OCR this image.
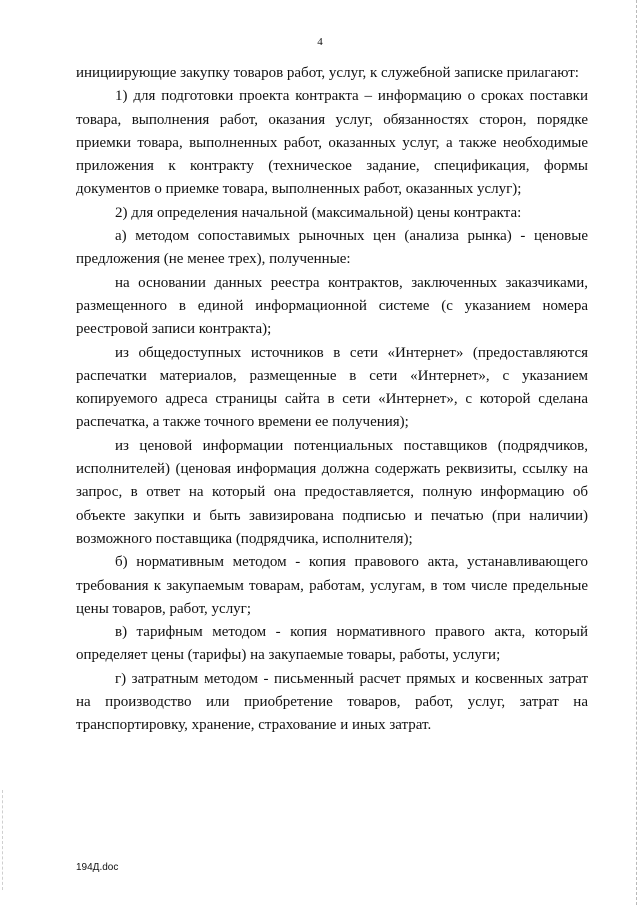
4

инициирующие закупку товаров работ, услуг, к служебной записке прилагают:

1) для подготовки проекта контракта – информацию о сроках поставки товара, выполнения работ, оказания услуг, обязанностях сторон, порядке приемки товара, выполненных работ, оказанных услуг, а также необходимые приложения к контракту (техническое задание, спецификация, формы документов о приемке товара, выполненных работ, оказанных услуг);

2) для определения начальной (максимальной) цены контракта:

а) методом сопоставимых рыночных цен (анализа рынка) - ценовые предложения (не менее трех), полученные:

на основании данных реестра контрактов, заключенных заказчиками, размещенного в единой информационной системе (с указанием номера реестровой записи контракта);

из общедоступных источников в сети «Интернет» (предоставляются распечатки материалов, размещенные в сети «Интернет», с указанием копируемого адреса страницы сайта в сети «Интернет», с которой сделана распечатка, а также точного времени ее получения);

из ценовой информации потенциальных поставщиков (подрядчиков, исполнителей) (ценовая информация должна содержать реквизиты, ссылку на запрос, в ответ на который она предоставляется, полную информацию об объекте закупки и быть завизирована подписью и печатью (при наличии) возможного поставщика (подрядчика, исполнителя);

б) нормативным методом - копия правового акта, устанавливающего требования к закупаемым товарам, работам, услугам, в том числе предельные цены товаров, работ, услуг;

в) тарифным методом - копия нормативного правого акта, который определяет цены (тарифы) на закупаемые товары, работы, услуги;

г) затратным методом - письменный расчет прямых и косвенных затрат на производство или приобретение товаров, работ, услуг, затрат на транспортировку, хранение, страхование и иных затрат.

194Д.doc
